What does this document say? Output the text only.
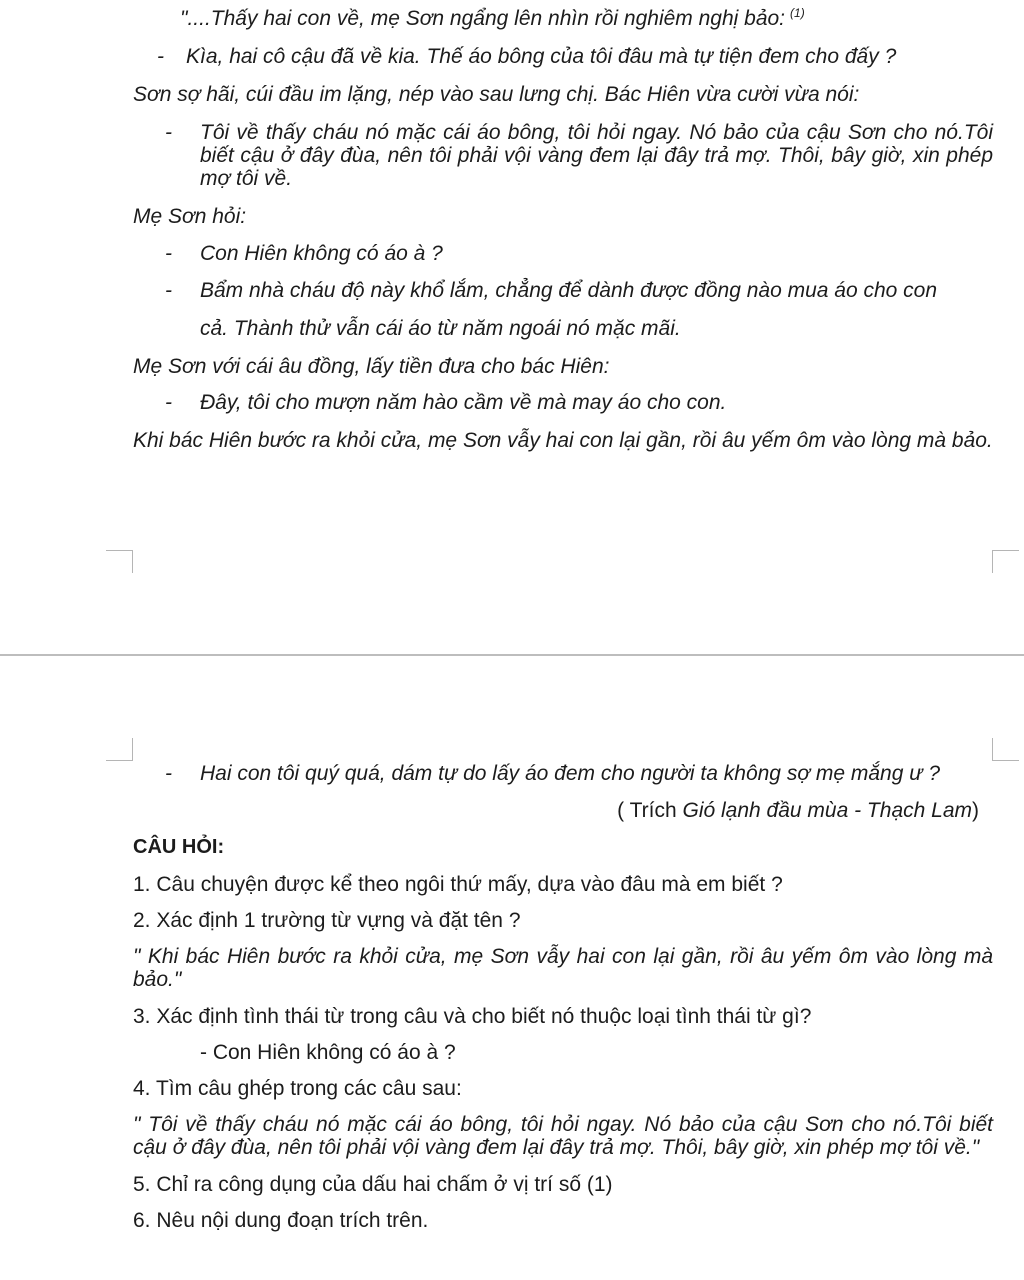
"....Thấy hai con về, mẹ Sơn ngẩng lên nhìn rồi nghiêm nghị bảo: $^{(1)}$

- Kìa, hai cô cậu đã về kia. Thế áo bông của tôi đâu mà tự tiện đem cho đấy ?

Sơn sợ hãi, cúi đầu im lặng, nép vào sau lưng chị. Bác Hiên vừa cười vừa nói:

- Tôi về thấy cháu nó mặc cái áo bông, tôi hỏi ngay. Nó bảo của cậu Sơn cho nó.Tôi biết cậu ở đây đùa, nên tôi phải vội vàng đem lại đây trả mợ. Thôi, bây giờ, xin phép mợ tôi về.

Mẹ Sơn hỏi:

- Con Hiên không có áo à ?

- Bẩm nhà cháu độ này khổ lắm, chẳng để dành được đồng nào mua áo cho con

cả. Thành thử vẫn cái áo từ năm ngoái nó mặc mãi.

Mẹ Sơn với cái âu đồng, lấy tiền đưa cho bác Hiên:

- Đây, tôi cho mượn năm hào cầm về mà may áo cho con.

Khi bác Hiên bước ra khỏi cửa, mẹ Sơn vẫy hai con lại gần, rồi âu yếm ôm vào lòng mà bảo.

- Hai con tôi quý quá, dám tự do lấy áo đem cho người ta không sợ mẹ mắng ư ?

( Trích Gió lạnh đầu mùa - Thạch Lam)

CÂU HỎI:

1. Câu chuyện được kể theo ngôi thứ mấy, dựa vào đâu mà em biết ?

2. Xác định 1 trường từ vựng và đặt tên ?

" Khi bác Hiên bước ra khỏi cửa, mẹ Sơn vẫy hai con lại gần, rồi âu yếm ôm vào lòng mà bảo."

3. Xác định tình thái từ trong câu và cho biết nó thuộc loại tình thái từ gì?

- Con Hiên không có áo à ?

4. Tìm câu ghép trong các câu sau:

" Tôi về thấy cháu nó mặc cái áo bông, tôi hỏi ngay. Nó bảo của cậu Sơn cho nó.Tôi biết cậu ở đây đùa, nên tôi phải vội vàng đem lại đây trả mợ. Thôi, bây giờ, xin phép mợ tôi về."

5. Chỉ ra công dụng của dấu hai chấm ở vị trí số (1)

6. Nêu nội dung đoạn trích trên.
